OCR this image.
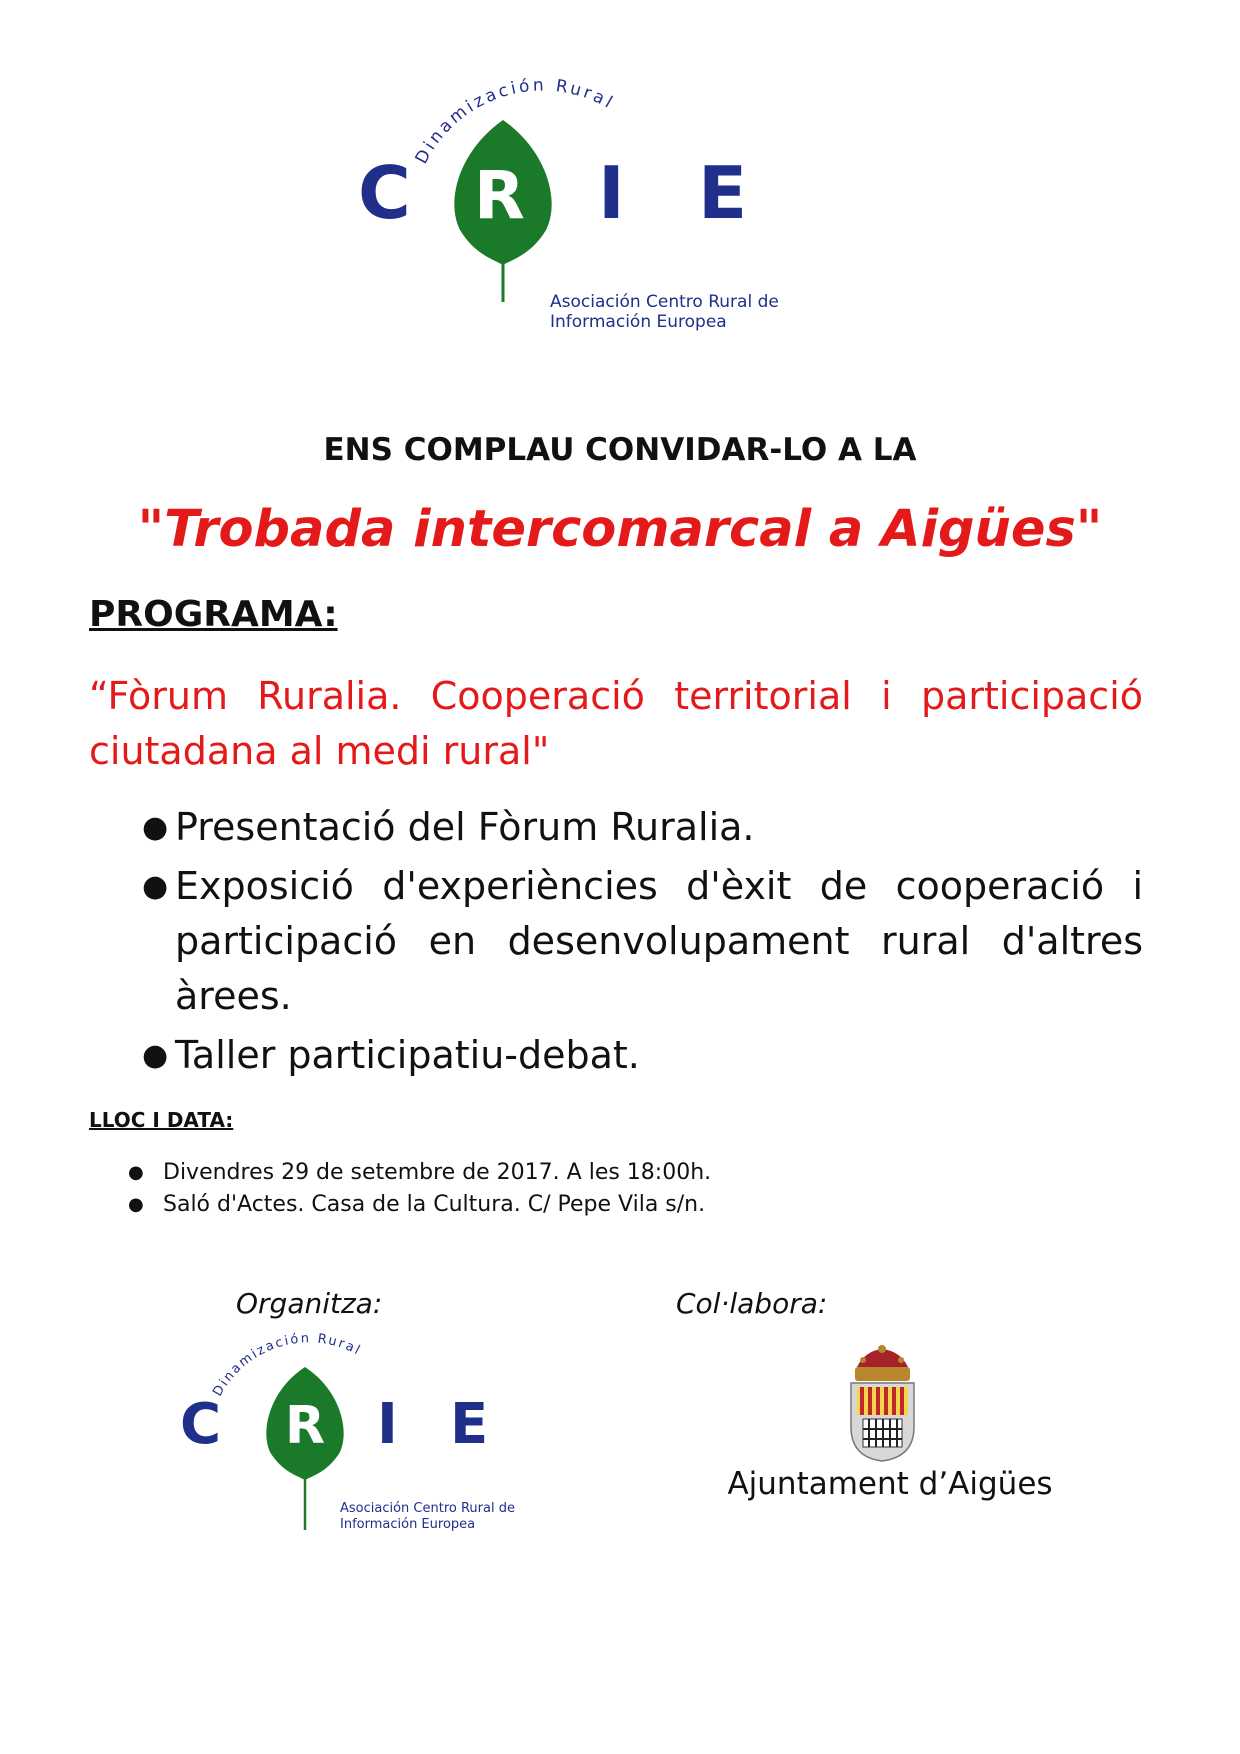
Dinamización Rural
C R I E
Asociación Centro Rural de
Información Europea
ENS COMPLAU CONVIDAR-LO A LA
"Trobada intercomarcal a Aigües"
PROGRAMA:

“Fòrum Ruralia. Cooperació territorial i participació ciutadana al medi rural"

● Presentació del Fòrum Ruralia.
● Exposició d'experiències d'èxit de cooperació i participació en desenvolupament rural d'altres àrees.
● Taller participatiu-debat.
LLOC I DATA:
● Divendres 29 de setembre de 2017. A les 18:00h.
● Saló d'Actes. Casa de la Cultura. C/ Pepe Vila s/n.

Organitza:	Col·labora:

Dinamización Rural
C R I E
Asociación Centro Rural de
Información Europea

Ajuntament d’Aigües
